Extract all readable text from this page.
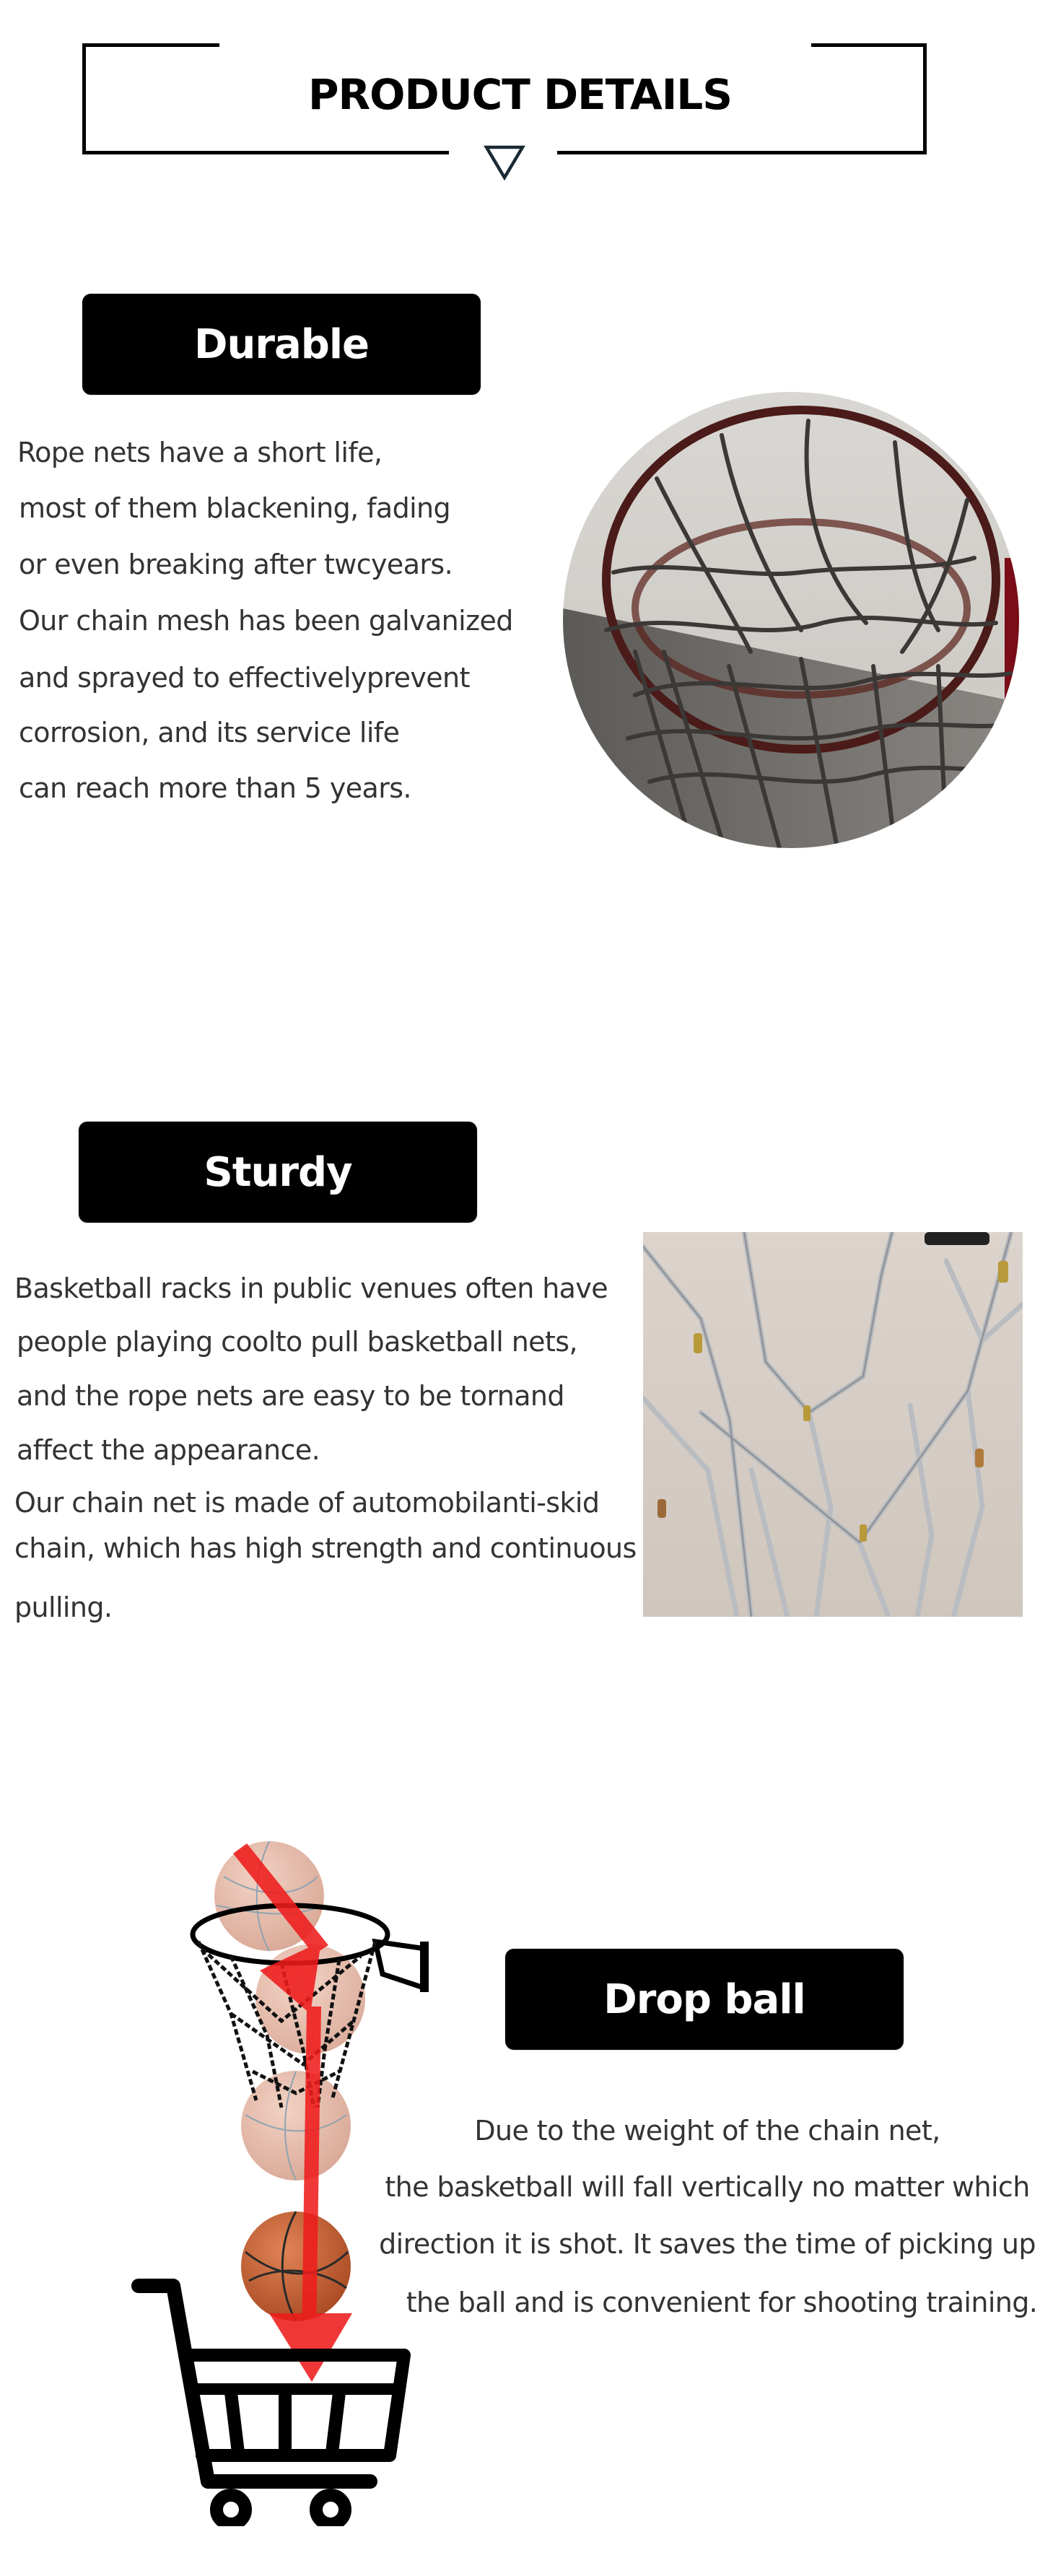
PRODUCT DETAILS
Durable
Rope nets have a short life,
most of them blackening, fading
or even breaking after twcyears.
Our chain mesh has been galvanized
and sprayed to effectivelyprevent
corrosion, and its service life
can reach more than 5 years.
Sturdy
Basketball racks in public venues often have
people playing coolto pull basketball nets,
and the rope nets are easy to be tornand
affect the appearance.
Our chain net is made of automobilanti-skid
chain, which has high strength and continuous
pulling.
Drop ball
Due to the weight of the chain net,
the basketball will fall vertically no matter which
direction it is shot. It saves the time of picking up
the ball and is convenient for shooting training.
